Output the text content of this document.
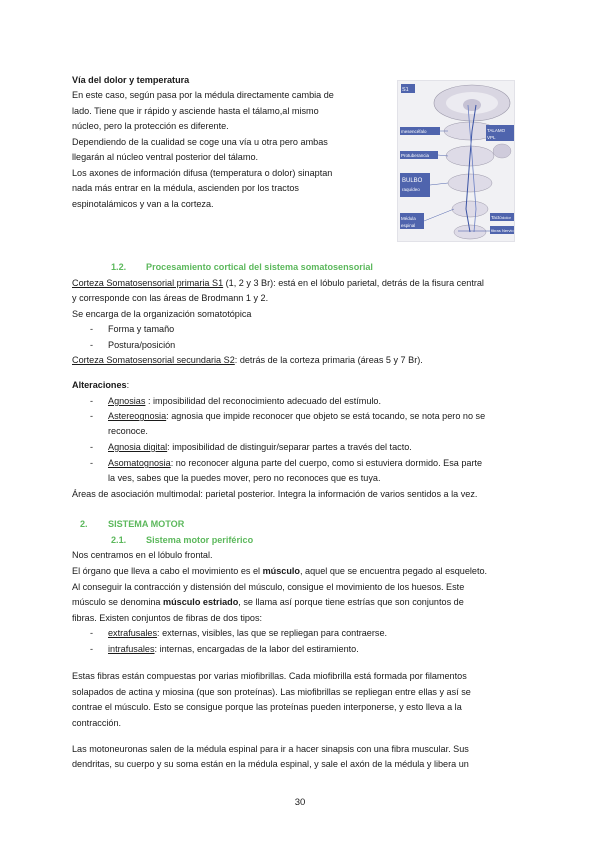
Vía del dolor y temperatura
En este caso, según pasa por la médula directamente cambia de
lado. Tiene que ir rápido y asciende hasta el tálamo,al mismo
núcleo, pero la protección es diferente.
Dependiendo de la cualidad se coge una vía u otra pero ambas
llegarán al núcleo ventral posterior del tálamo.
Los axones de información difusa (temperatura o dolor) sinaptan
nada más entrar en la médula, ascienden por los tractos
espinotalámicos y van a la corteza.
S1
TALAMO
VPL
mesencéfalo
Protuberancia
BULBO
raquídeo
Médula
espinal
Tacto dolor
fibras Nervio
1.2. Procesamiento cortical del sistema somatosensorial
Corteza Somatosensorial primaria S1 (1, 2 y 3 Br): está en el lóbulo parietal, detrás de la fisura central
y corresponde con las áreas de Brodmann 1 y 2.
Se encarga de la organización somatotópica
- Forma y tamaño
- Postura/posición
Corteza Somatosensorial secundaria S2: detrás de la corteza primaria (áreas 5 y 7 Br).
Alteraciones:
- Agnosias : imposibilidad del reconocimiento adecuado del estímulo.
- Astereognosia: agnosia que impide reconocer que objeto se está tocando, se nota pero no se
reconoce.
- Agnosia digital: imposibilidad de distinguir/separar partes a través del tacto.
- Asomatognosia: no reconocer alguna parte del cuerpo, como si estuviera dormido. Esa parte
la ves, sabes que la puedes mover, pero no reconoces que es tuya.
Áreas de asociación multimodal: parietal posterior. Integra la información de varios sentidos a la vez.
2. SISTEMA MOTOR
2.1. Sistema motor periférico
Nos centramos en el lóbulo frontal.
El órgano que lleva a cabo el movimiento es el músculo, aquel que se encuentra pegado al esqueleto.
Al conseguir la contracción y distensión del músculo, consigue el movimiento de los huesos. Este
músculo se denomina músculo estriado, se llama así porque tiene estrías que son conjuntos de
fibras. Existen conjuntos de fibras de dos tipos:
- extrafusales: externas, visibles, las que se repliegan para contraerse.
- intrafusales: internas, encargadas de la labor del estiramiento.
Estas fibras están compuestas por varias miofibrillas. Cada miofibrilla está formada por filamentos
solapados de actina y miosina (que son proteínas). Las miofibrillas se repliegan entre ellas y así se
contrae el músculo. Esto se consigue porque las proteínas pueden interponerse, y esto lleva a la
contracción.
Las motoneuronas salen de la médula espinal para ir a hacer sinapsis con una fibra muscular. Sus
dendritas, su cuerpo y su soma están en la médula espinal, y sale el axón de la médula y libera un
30
